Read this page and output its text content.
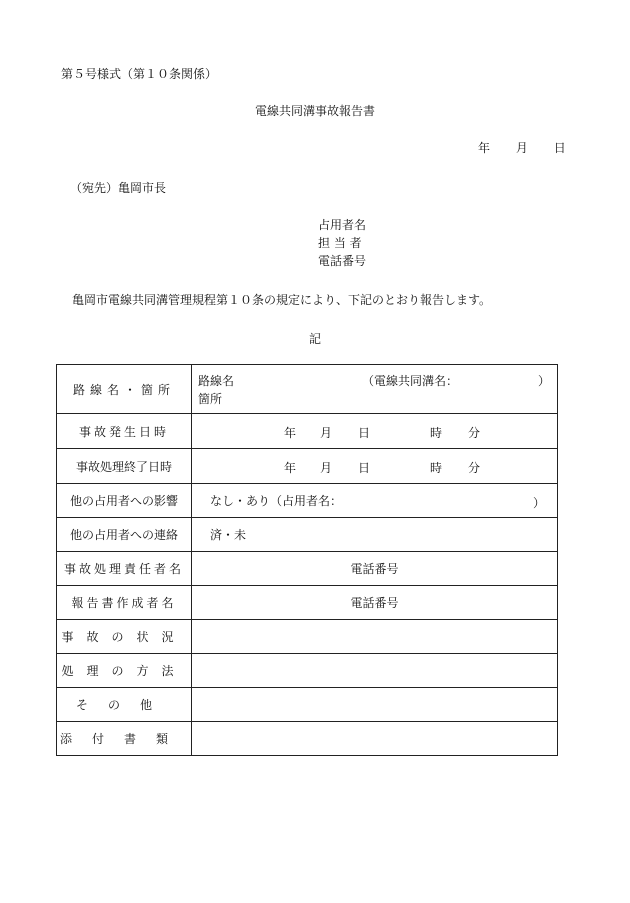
第５号様式（第１０条関係）
電線共同溝事故報告書
年 月 日
（宛先）亀岡市長
占用者名
担 当 者
電話番号
亀岡市電線共同溝管理規程第１０条の規定により、下記のとおり報告します。
記
路線名・箇所	路線名
箇所
（電線共同溝名： ）

事故発生日時	年 月 日 時 分

事故処理終了日時	年 月 日 時 分

他の占用者への影響	なし・あり（占用者名： ）

他の占用者への連絡	済・未
事故処理責任者名	電話番号
報告書作成者名	電話番号
事故の状況	
処理の方法	
その他	
添付書類	
